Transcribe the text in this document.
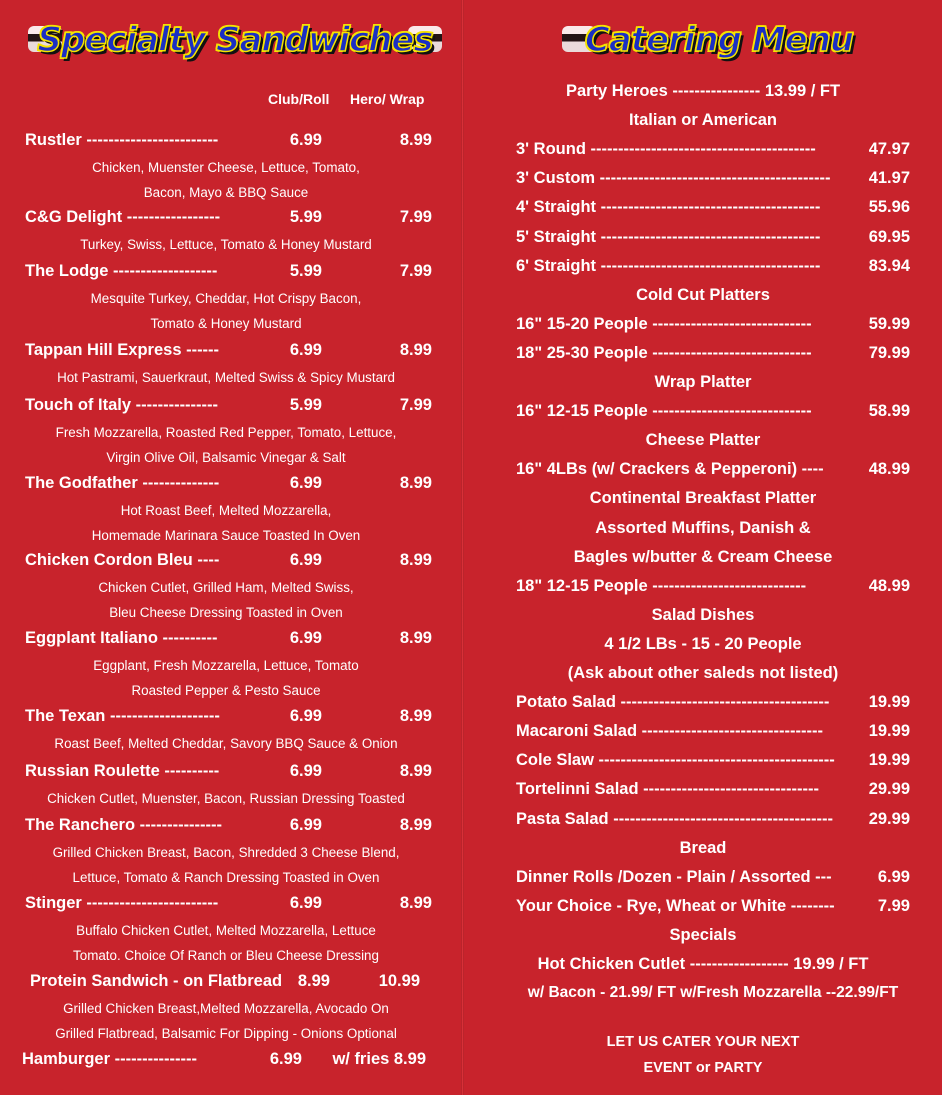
Specialty Sandwiches
Club/Roll Hero/ Wrap
Rustler ------------------------	6.99	8.99
Chicken, Muenster Cheese, Lettuce, Tomato,
Bacon, Mayo & BBQ Sauce
C&G Delight -----------------	5.99	7.99
Turkey, Swiss, Lettuce, Tomato & Honey Mustard
The Lodge -------------------	5.99	7.99
Mesquite Turkey, Cheddar, Hot Crispy Bacon,
Tomato & Honey Mustard
Tappan Hill Express ------	6.99	8.99
Hot Pastrami, Sauerkraut, Melted Swiss & Spicy Mustard
Touch of Italy ---------------	5.99	7.99
Fresh Mozzarella, Roasted Red Pepper, Tomato, Lettuce,
Virgin Olive Oil, Balsamic Vinegar & Salt
The Godfather --------------	6.99	8.99
Hot Roast Beef, Melted Mozzarella,
Homemade Marinara Sauce Toasted In Oven
Chicken Cordon Bleu ----	6.99	8.99
Chicken Cutlet, Grilled Ham, Melted Swiss,
Bleu Cheese Dressing Toasted in Oven
Eggplant Italiano ----------	6.99	8.99
Eggplant, Fresh Mozzarella, Lettuce, Tomato
Roasted Pepper & Pesto Sauce
The Texan --------------------	6.99	8.99
Roast Beef, Melted Cheddar, Savory BBQ Sauce & Onion
Russian Roulette ----------	6.99	8.99
Chicken Cutlet, Muenster, Bacon, Russian Dressing Toasted
The Ranchero ---------------	6.99	8.99
Grilled Chicken Breast, Bacon, Shredded 3 Cheese Blend,
Lettuce, Tomato & Ranch Dressing Toasted in Oven
Stinger ------------------------	6.99	8.99
Buffalo Chicken Cutlet, Melted Mozzarella, Lettuce
Tomato. Choice Of Ranch or Bleu Cheese Dressing
Protein Sandwich - on Flatbread 8.99	10.99
Grilled Chicken Breast,Melted Mozzarella, Avocado On
Grilled Flatbread, Balsamic For Dipping - Onions Optional
Hamburger ---------------	6.99	w/ fries 8.99
Catering Menu
Party Heroes ---------------- 13.99 / FT
Italian or American
3' Round -----------------------------------------	47.97
3' Custom ------------------------------------------ 41.97
4' Straight ----------------------------------------	55.96
5' Straight ----------------------------------------	69.95
6' Straight ----------------------------------------	83.94
Cold Cut Platters
16" 15-20 People -----------------------------	59.99
18" 25-30 People -----------------------------	79.99
Wrap Platter
16" 12-15 People -----------------------------	58.99
Cheese Platter
16" 4LBs (w/ Crackers & Pepperoni) ----	48.99
Continental Breakfast Platter
Assorted Muffins, Danish &
Bagles w/butter & Cream Cheese
18" 12-15 People ----------------------------	48.99
Salad Dishes
4 1/2 LBs - 15 - 20 People
(Ask about other saleds not listed)
Potato Salad -------------------------------------- 19.99
Macaroni Salad ---------------------------------	19.99
Cole Slaw ------------------------------------------- 19.99
Tortelinni Salad --------------------------------	29.99
Pasta Salad ---------------------------------------- 29.99
Bread
Dinner Rolls /Dozen - Plain / Assorted ---	6.99
Your Choice - Rye, Wheat or White --------	7.99
Specials
Hot Chicken Cutlet ------------------ 19.99 / FT
w/ Bacon - 21.99/ FT w/Fresh Mozzarella --22.99/FT
LET US CATER YOUR NEXT
EVENT or PARTY
